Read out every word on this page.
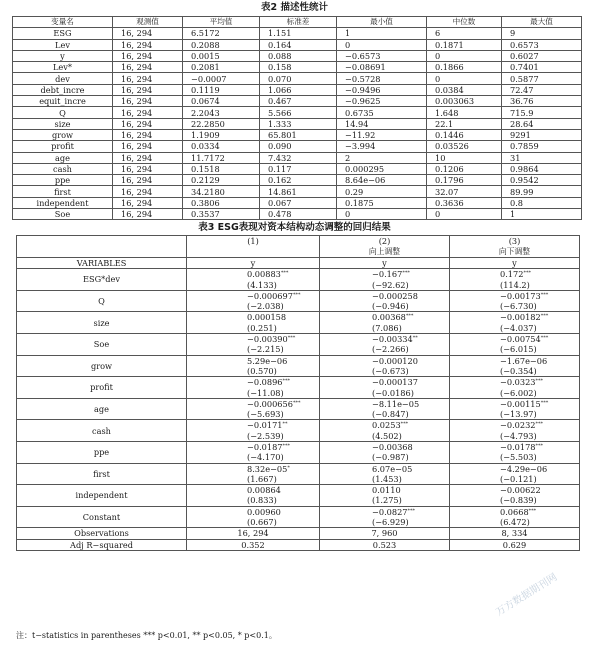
表2 描述性统计
变量名	观测值	平均值	标准差	最小值	中位数	最大值
ESG	16, 294	6.5172	1.151	1	6	9
Lev	16, 294	0.2088	0.164	0	0.1871	0.6573
y	16, 294	0.0015	0.088	−0.6573	0	0.6027
Lev*	16, 294	0.2081	0.158	−0.08691	0.1866	0.7401
dev	16, 294	−0.0007	0.070	−0.5728	0	0.5877
debt_incre	16, 294	0.1119	1.066	−0.9496	0.0384	72.47
equit_incre	16, 294	0.0674	0.467	−0.9625	0.003063	36.76
Q	16, 294	2.2043	5.566	0.6735	1.648	715.9
size	16, 294	22.2850	1.333	14.94	22.1	28.64
grow	16, 294	1.1909	65.801	−11.92	0.1446	9291
profit	16, 294	0.0334	0.090	−3.994	0.03526	0.7859
age	16, 294	11.7172	7.432	2	10	31
cash	16, 294	0.1518	0.117	0.000295	0.1206	0.9864
ppe	16, 294	0.2129	0.162	8.64e−06	0.1796	0.9542
first	16, 294	34.2180	14.861	0.29	32.07	89.99
independent	16, 294	0.3806	0.067	0.1875	0.3636	0.8
Soe	16, 294	0.3537	0.478	0	0	1
表3 ESG表现对资本结构动态调整的回归结果
	(1)	(2)	(3)
		向上调整	向下调整
VARIABLES	y	y	y
ESG*dev	0.00883***	−0.167***	0.172***
	(4.133)	(−92.62)	(114.2)
Q	−0.000697***	−0.000258	−0.00173***
	(−2.038)	(−0.946)	(−6.730)
size	0.000158	0.00368***	−0.00182***
	(0.251)	(7.086)	(−4.037)
Soe	−0.00390***	−0.00334**	−0.00754***
	(−2.215)	(−2.266)	(−6.015)
grow	5.29e−06	−0.000120	−1.67e−06
	(0.570)	(−0.673)	(−0.354)
profit	−0.0896***	−0.000137	−0.0323***
	(−11.08)	(−0.0186)	(−6.002)
age	−0.000656***	−8.11e−05	−0.00115***
	(−5.693)	(−0.847)	(−13.97)
cash	−0.0171**	0.0253***	−0.0232***
	(−2.539)	(4.502)	(−4.793)
ppe	−0.0187***	−0.00368	−0.0178***
	(−4.170)	(−0.987)	(−5.503)
first	8.32e−05*	6.07e−05	−4.29e−06
	(1.667)	(1.453)	(−0.121)
independent	0.00864	0.0110	−0.00622
	(0.833)	(1.275)	(−0.839)
Constant	0.00960	−0.0827***	0.0668***
	(0.667)	(−6.929)	(6.472)
Observations	16, 294	7, 960	8, 334
Adj R−squared	0.352	0.523	0.629
注：t−statistics in parentheses *** p<0.01, ** p<0.05, * p<0.1。
万方数据期刊网
